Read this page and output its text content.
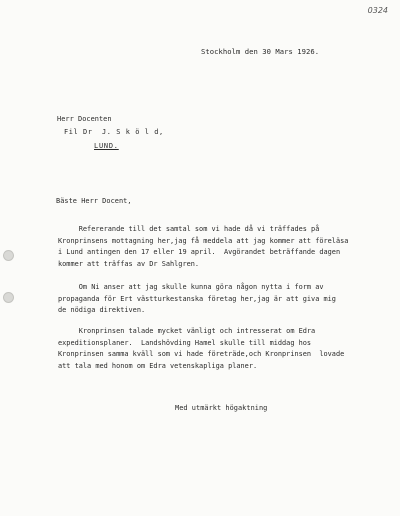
0324
Stockholm den 30 Mars 1926.
Herr Docenten
Fil Dr  J. S k ö l d,
LUND.
Bäste Herr Docent,
Refererande till det samtal som vi hade då vi träffades på
Kronprinsens mottagning her,jag få meddela att jag kommer att föreläsa
i Lund antingen den 17 eller 19 april.  Avgörandet beträffande dagen
kommer att träffas av Dr Sahlgren.
Om Ni anser att jag skulle kunna göra någon nytta i form av
propaganda för Ert västturkestanska företag her,jag är att giva mig
de nödiga direktiven.
Kronprinsen talade mycket vänligt och intresserat om Edra
expeditionsplaner.  Landshövding Hamel skulle till middag hos
Kronprinsen samma kväll som vi hade företräde,och Kronprinsen  lovade
att tala med honom om Edra vetenskapliga planer.
Med utmärkt högaktning
